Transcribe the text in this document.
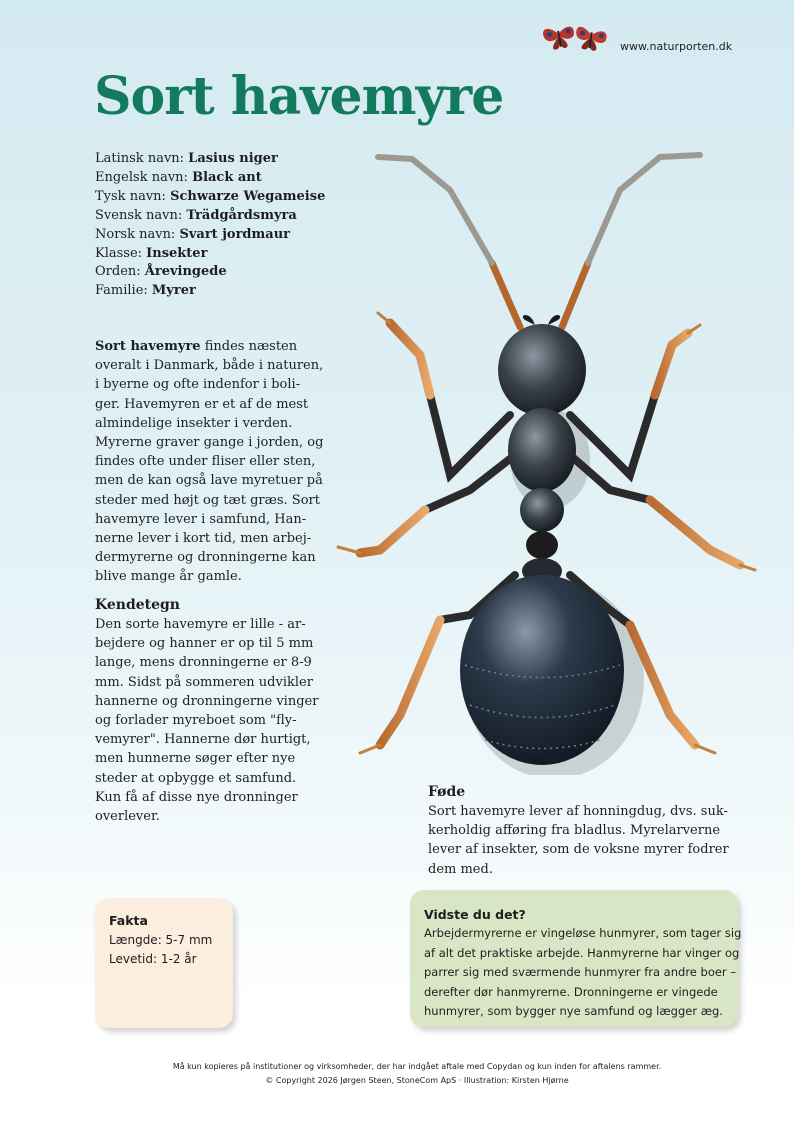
www.naturporten.dk
Sort havemyre
Latinsk navn: Lasius niger
Engelsk navn: Black ant
Tysk navn: Schwarze Wegameise
Svensk navn: Trädgårdsmyra
Norsk navn: Svart jordmaur
Klasse: Insekter
Orden: Årevingede
Familie: Myrer
Sort havemyre findes næsten
overalt i Danmark, både i naturen,
i byerne og ofte indenfor i boli-
ger. Havemyren er et af de mest
almindelige insekter i verden.
Myrerne graver gange i jorden, og
findes ofte under fliser eller sten,
men de kan også lave myretuer på
steder med højt og tæt græs. Sort
havemyre lever i samfund, Han-
nerne lever i kort tid, men arbej-
dermyrerne og dronningerne kan
blive mange år gamle.
Kendetegn
Den sorte havemyre er lille - ar-
bejdere og hanner er op til 5 mm
lange, mens dronningerne er 8-9
mm. Sidst på sommeren udvikler
hannerne og dronningerne vinger
og forlader myreboet som "fly-
vemyrer". Hannerne dør hurtigt,
men hunnerne søger efter nye
steder at opbygge et samfund.
Kun få af disse nye dronninger
overlever.
Føde
Sort havemyre lever af honningdug, dvs. suk-
kerholdig afføring fra bladlus. Myrelarverne
lever af insekter, som de voksne myrer fodrer
dem med.
Fakta
Længde: 5-7 mm
Levetid: 1-2 år
Vidste du det?
Arbejdermyrerne er vingeløse hunmyrer, som tager sig
af alt det praktiske arbejde. Hanmyrerne har vinger og
parrer sig med sværmende hunmyrer fra andre boer –
derefter dør hanmyrerne. Dronningerne er vingede
hunmyrer, som bygger nye samfund og lægger æg.
Må kun kopieres på institutioner og virksomheder, der har indgået aftale med Copydan og kun inden for aftalens rammer.
© Copyright 2026 Jørgen Steen, StoneCom ApS · Illustration: Kirsten Hjørne
